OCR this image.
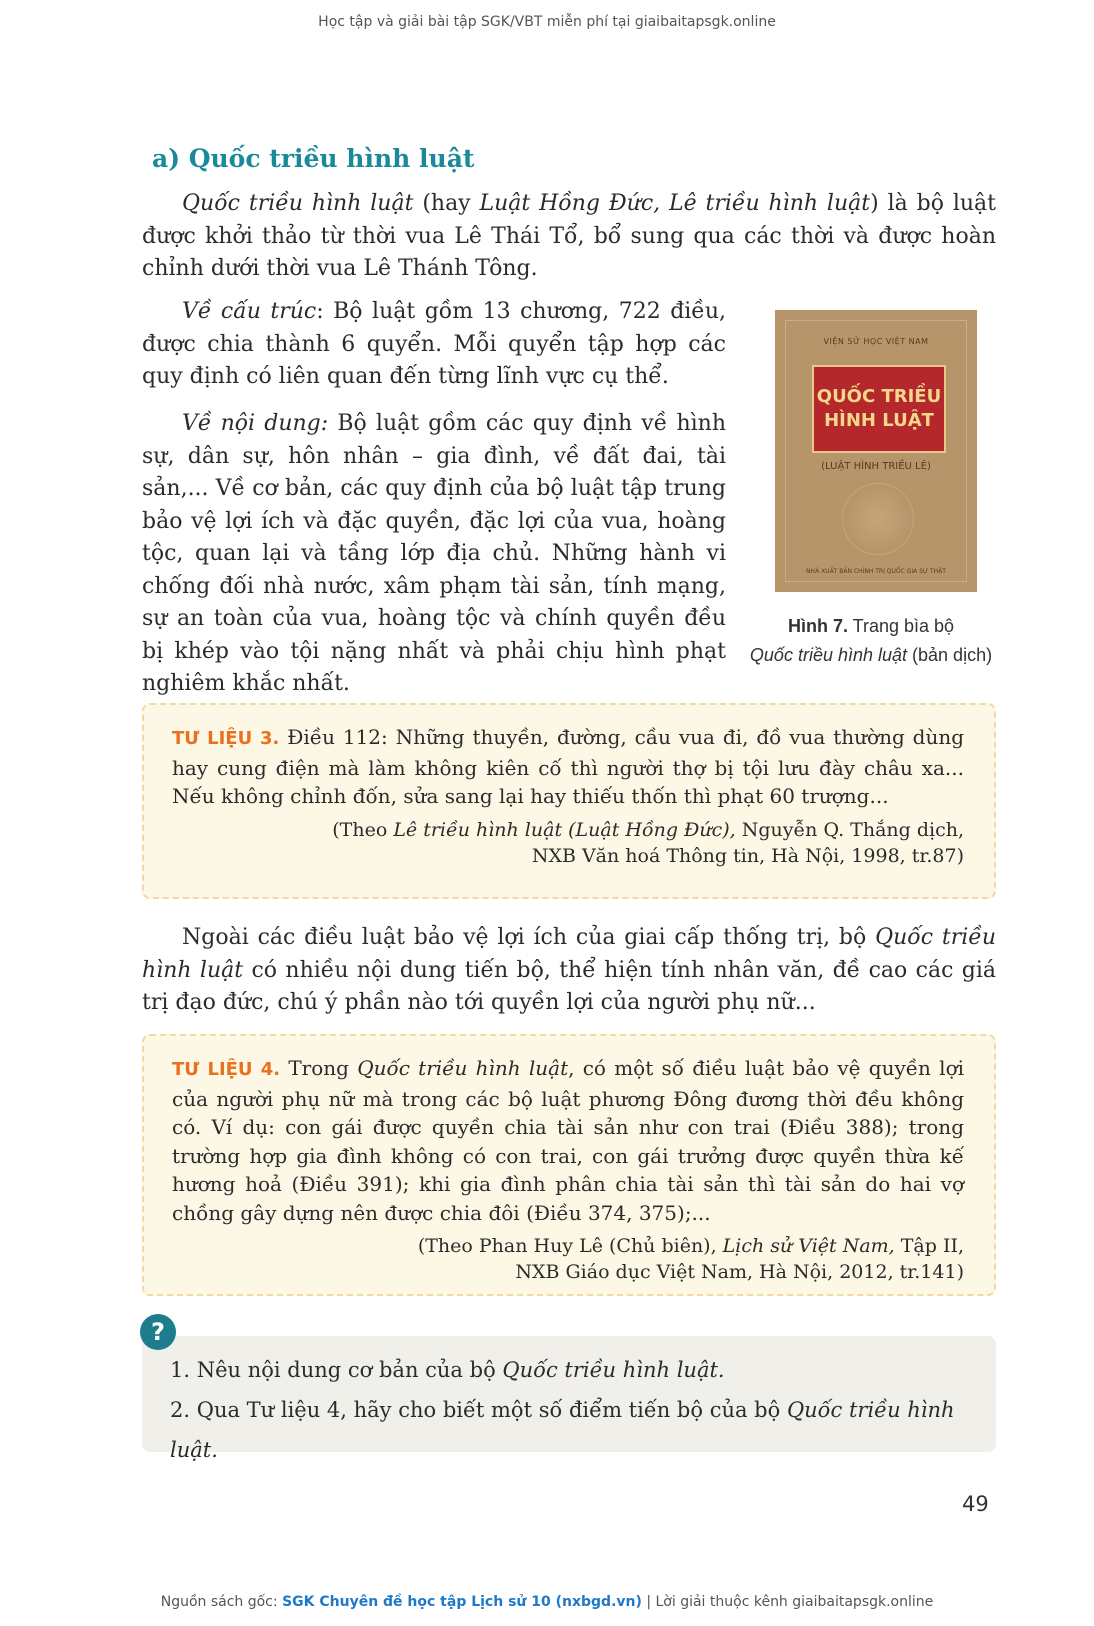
Học tập và giải bài tập SGK/VBT miễn phí tại giaibaitapsgk.online
a) Quốc triều hình luật
Quốc triều hình luật (hay Luật Hồng Đức, Lê triều hình luật) là bộ luật được khởi thảo từ thời vua Lê Thái Tổ, bổ sung qua các thời và được hoàn chỉnh dưới thời vua Lê Thánh Tông.
Về cấu trúc: Bộ luật gồm 13 chương, 722 điều, được chia thành 6 quyển. Mỗi quyển tập hợp các quy định có liên quan đến từng lĩnh vực cụ thể.
Về nội dung: Bộ luật gồm các quy định về hình sự, dân sự, hôn nhân – gia đình, về đất đai, tài sản,... Về cơ bản, các quy định của bộ luật tập trung bảo vệ lợi ích và đặc quyền, đặc lợi của vua, hoàng tộc, quan lại và tầng lớp địa chủ. Những hành vi chống đối nhà nước, xâm phạm tài sản, tính mạng, sự an toàn của vua, hoàng tộc và chính quyền đều bị khép vào tội nặng nhất và phải chịu hình phạt nghiêm khắc nhất.
VIỆN SỬ HỌC VIỆT NAM
QUỐC TRIỀU
HÌNH LUẬT
(LUẬT HÌNH TRIỀU LÊ)
NHÀ XUẤT BẢN CHÍNH TRỊ QUỐC GIA SỰ THẬT
Hình 7. Trang bìa bộ
Quốc triều hình luật (bản dịch)
TƯ LIỆU 3. Điều 112: Những thuyền, đường, cầu vua đi, đồ vua thường dùng hay cung điện mà làm không kiên cố thì người thợ bị tội lưu đày châu xa... Nếu không chỉnh đốn, sửa sang lại hay thiếu thốn thì phạt 60 trượng...
(Theo Lê triều hình luật (Luật Hồng Đức), Nguyễn Q. Thắng dịch,
NXB Văn hoá Thông tin, Hà Nội, 1998, tr.87)
Ngoài các điều luật bảo vệ lợi ích của giai cấp thống trị, bộ Quốc triều hình luật có nhiều nội dung tiến bộ, thể hiện tính nhân văn, đề cao các giá trị đạo đức, chú ý phần nào tới quyền lợi của người phụ nữ...
TƯ LIỆU 4. Trong Quốc triều hình luật, có một số điều luật bảo vệ quyền lợi của người phụ nữ mà trong các bộ luật phương Đông đương thời đều không có. Ví dụ: con gái được quyền chia tài sản như con trai (Điều 388); trong trường hợp gia đình không có con trai, con gái trưởng được quyền thừa kế hương hoả (Điều 391); khi gia đình phân chia tài sản thì tài sản do hai vợ chồng gây dựng nên được chia đôi (Điều 374, 375);...
(Theo Phan Huy Lê (Chủ biên), Lịch sử Việt Nam, Tập II,
NXB Giáo dục Việt Nam, Hà Nội, 2012, tr.141)
1. Nêu nội dung cơ bản của bộ Quốc triều hình luật.
2. Qua Tư liệu 4, hãy cho biết một số điểm tiến bộ của bộ Quốc triều hình luật.
?
49
Nguồn sách gốc: SGK Chuyên đề học tập Lịch sử 10 (nxbgd.vn) | Lời giải thuộc kênh giaibaitapsgk.online
